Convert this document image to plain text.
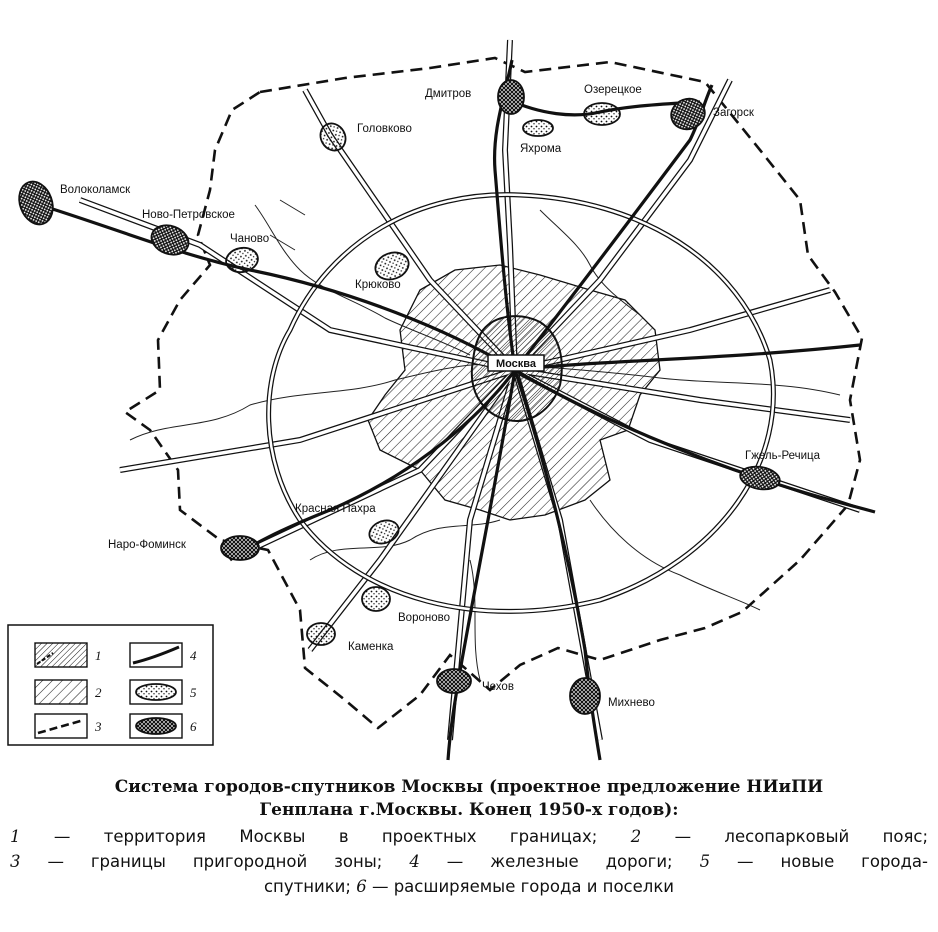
Москва
Дмитров	Озерецкое
Загорск
Яхрома
Головково
Волоколамск
Ново-Петровское
Чаново
Крюково
Гжель-Речица
Красная Пахра
Наро-Фоминск
Вороново
Каменка
Чехов
Михнево
1
2
3
4
5
6

Система городов-спутников Москвы (проектное предложение НИиПИ
Генплана г.Москвы. Конец 1950-х годов):

1 — территория Москвы в проектных границах; 2 — лесопарковый пояс;
3 — границы пригородной зоны; 4 — железные дороги; 5 — новые города-
спутники; 6 — расширяемые города и поселки
